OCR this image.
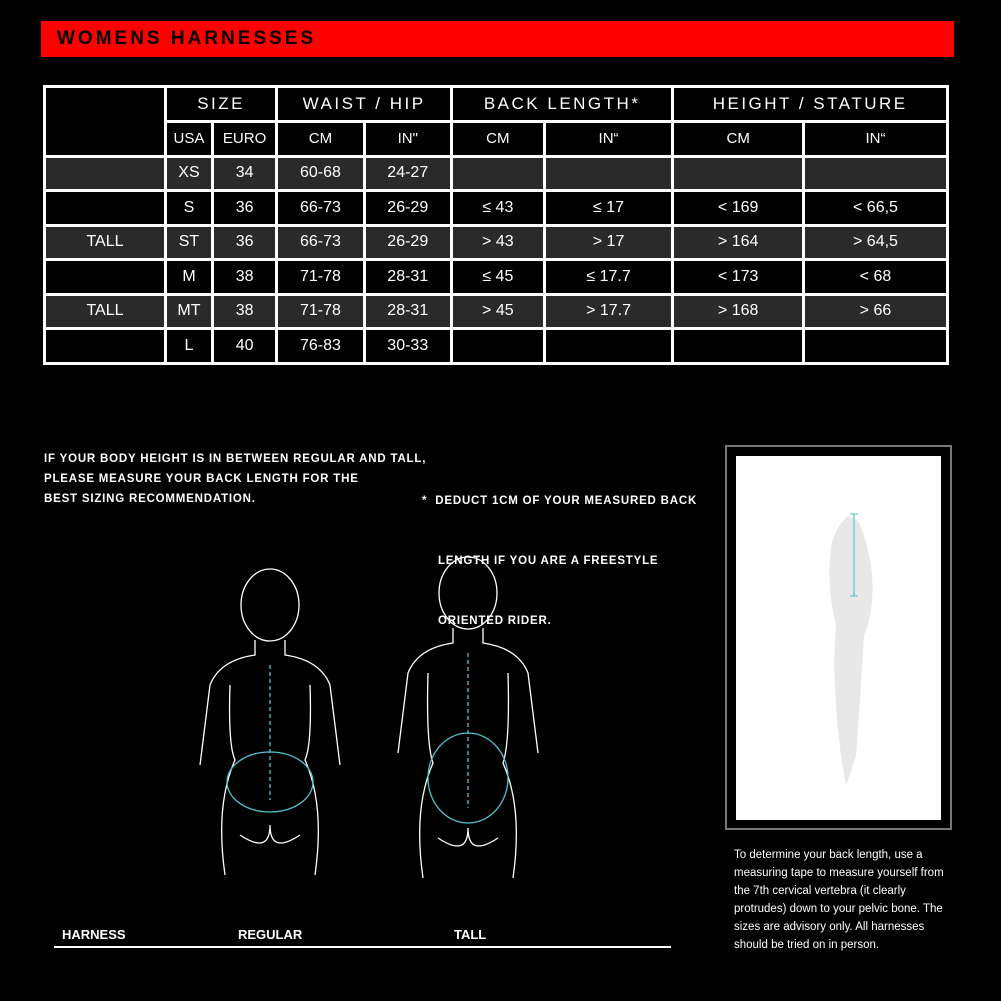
WOMENS HARNESSES
	SIZE		WAIST / HIP		BACK LENGTH*		HEIGHT / STATURE	
	USA	EURO	CM	IN"	CM	IN“	CM	IN“
	XS	34	60-68	24-27				
	S	36	66-73	26-29	≤ 43	≤ 17	< 169	< 66,5
TALL	ST	36	66-73	26-29	> 43	> 17	> 164	> 64,5
	M	38	71-78	28-31	≤ 45	≤ 17.7	< 173	< 68
TALL	MT	38	71-78	28-31	> 45	> 17.7	> 168	> 66
	L	40	76-83	30-33				
IF YOUR BODY HEIGHT IS IN BETWEEN REGULAR AND TALL,
PLEASE MEASURE YOUR BACK LENGTH FOR THE
BEST SIZING RECOMMENDATION.

	*  DEDUCT 1CM OF YOUR MEASURED BACK

LENGTH IF YOU ARE A FREESTYLE

ORIENTED RIDER.

HARNESS	REGULAR	TALL
To determine your back length, use a measuring tape to measure yourself from the 7th cervical vertebra (it clearly protrudes) down to your pelvic bone. The sizes are advisory only. All harnesses should be tried on in person.
